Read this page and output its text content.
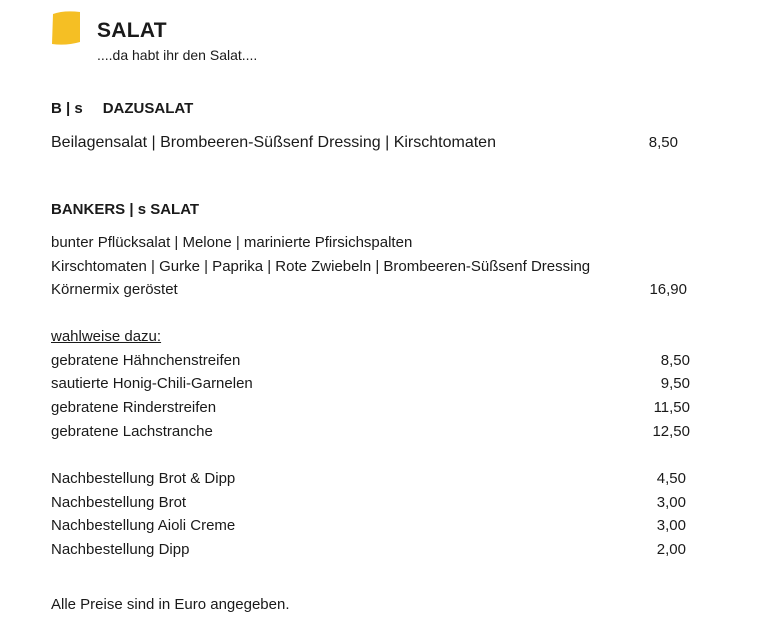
SALAT
....da habt ihr den Salat....
B | s DAZUSALAT
Beilagensalat | Brombeeren-Süßsenf Dressing | Kirschtomaten	8,50
BANKERS | s SALAT
bunter Pflücksalat | Melone | marinierte Pfirsichspalten
Kirschtomaten | Gurke | Paprika | Rote Zwiebeln | Brombeeren-Süßsenf Dressing
Körnermix geröstet	16,90
wahlweise dazu:
gebratene Hähnchenstreifen	8,50
sautierte Honig-Chili-Garnelen	9,50
gebratene Rinderstreifen	11,50
gebratene Lachstranche	12,50
Nachbestellung Brot & Dipp	4,50
Nachbestellung Brot	3,00
Nachbestellung Aioli Creme	3,00
Nachbestellung Dipp	2,00
Alle Preise sind in Euro angegeben.
